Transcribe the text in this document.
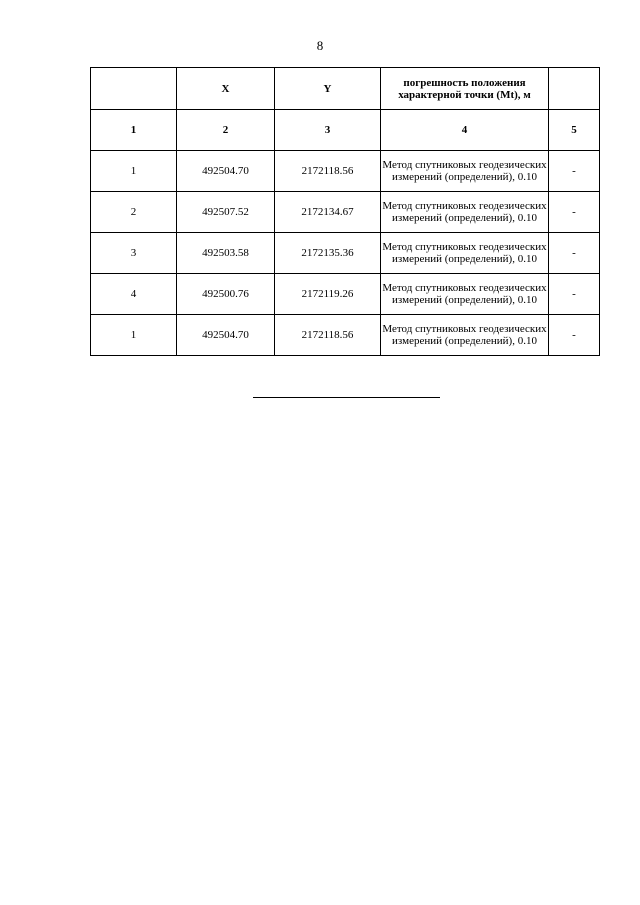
8
	X	Y	погрешность положения характерной точки (Mt), м	
1	2	3	4	5
1	492504.70	2172118.56	Метод спутниковых геодезических измерений (определений), 0.10	-
2	492507.52	2172134.67	Метод спутниковых геодезических измерений (определений), 0.10	-
3	492503.58	2172135.36	Метод спутниковых геодезических измерений (определений), 0.10	-
4	492500.76	2172119.26	Метод спутниковых геодезических измерений (определений), 0.10	-
1	492504.70	2172118.56	Метод спутниковых геодезических измерений (определений), 0.10	-
